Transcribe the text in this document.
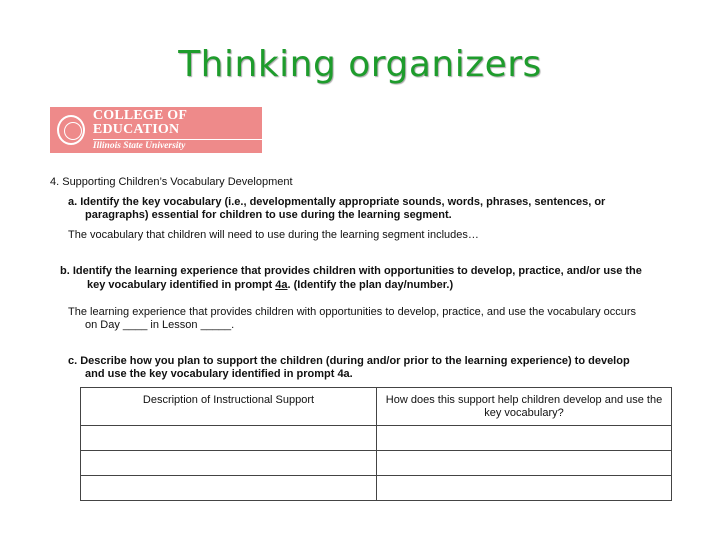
Thinking organizers
COLLEGE OF EDUCATION
Illinois State University
4. Supporting Children’s Vocabulary Development
a. Identify the key vocabulary (i.e., developmentally appropriate sounds, words, phrases, sentences, or
paragraphs) essential for children to use during the learning segment.
The vocabulary that children will need to use during the learning segment includes…
b. Identify the learning experience that provides children with opportunities to develop, practice, and/or use the
key vocabulary identified in prompt 4a. (Identify the plan day/number.)
The learning experience that provides children with opportunities to develop, practice, and use the vocabulary occurs
on Day ____ in Lesson _____.
c. Describe how you plan to support the children (during and/or prior to the learning experience) to develop
and use the key vocabulary identified in prompt 4a.
Description of Instructional Support	How does this support help children develop and use the key vocabulary?
